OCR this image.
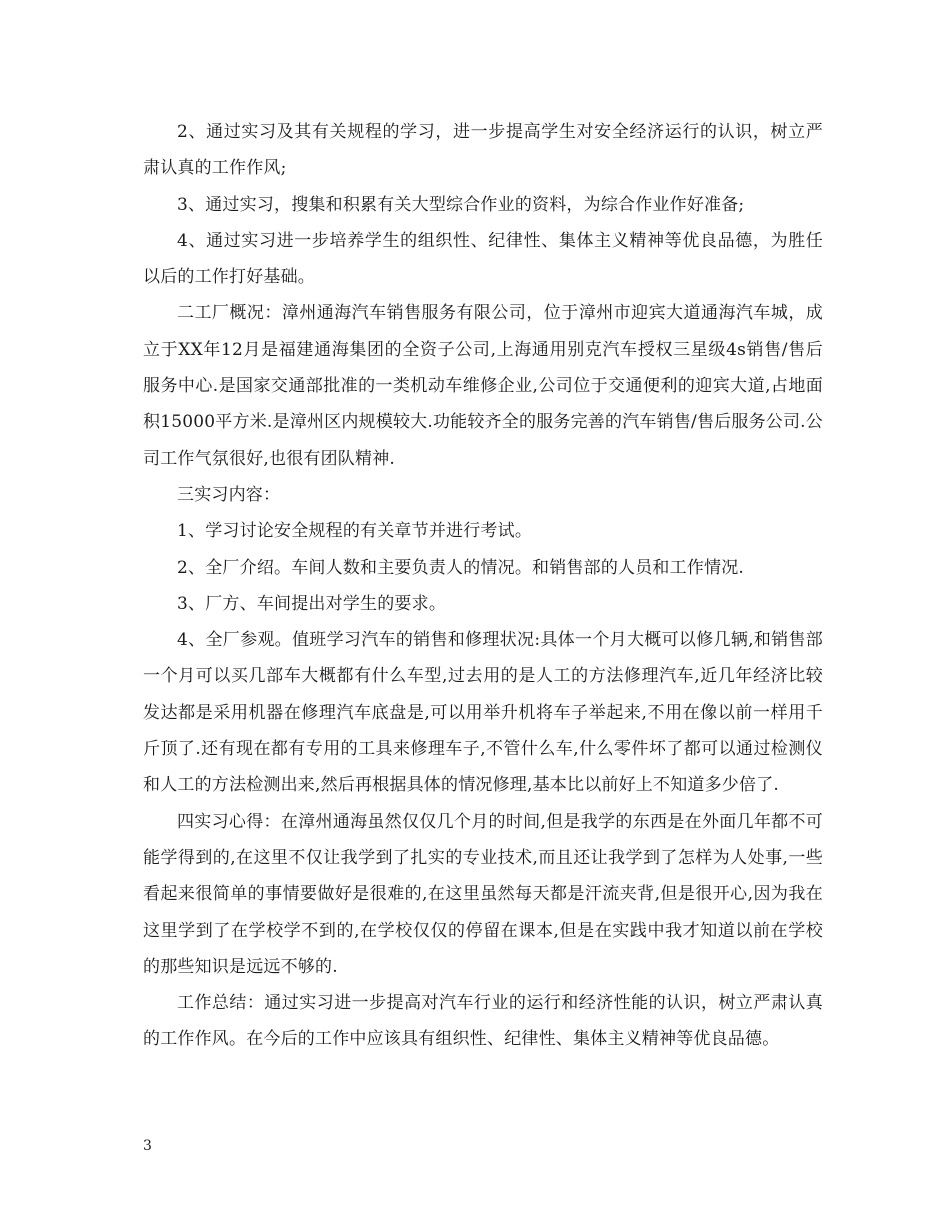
2、通过实习及其有关规程的学习，进一步提高学生对安全经济运行的认识，树立严肃认真的工作作风;

3、通过实习，搜集和积累有关大型综合作业的资料，为综合作业作好准备;

4、通过实习进一步培养学生的组织性、纪律性、集体主义精神等优良品德，为胜任以后的工作打好基础。

二工厂概况：漳州通海汽车销售服务有限公司，位于漳州市迎宾大道通海汽车城，成立于XX年12月是福建通海集团的全资子公司,上海通用别克汽车授权三星级4s销售/售后服务中心.是国家交通部批准的一类机动车维修企业,公司位于交通便利的迎宾大道,占地面积15000平方米.是漳州区内规模较大.功能较齐全的服务完善的汽车销售/售后服务公司.公司工作气氛很好,也很有团队精神.

三实习内容：

1、学习讨论安全规程的有关章节并进行考试。

2、全厂介绍。车间人数和主要负责人的情况。和销售部的人员和工作情况.

3、厂方、车间提出对学生的要求。

4、全厂参观。值班学习汽车的销售和修理状况:具体一个月大概可以修几辆,和销售部一个月可以买几部车大概都有什么车型,过去用的是人工的方法修理汽车,近几年经济比较发达都是采用机器在修理汽车底盘是,可以用举升机将车子举起来,不用在像以前一样用千斤顶了.还有现在都有专用的工具来修理车子,不管什么车,什么零件坏了都可以通过检测仪和人工的方法检测出来,然后再根据具体的情况修理,基本比以前好上不知道多少倍了.

四实习心得：在漳州通海虽然仅仅几个月的时间,但是我学的东西是在外面几年都不可能学得到的,在这里不仅让我学到了扎实的专业技术,而且还让我学到了怎样为人处事,一些看起来很简单的事情要做好是很难的,在这里虽然每天都是汗流夹背,但是很开心,因为我在这里学到了在学校学不到的,在学校仅仅的停留在课本,但是在实践中我才知道以前在学校的那些知识是远远不够的.

工作总结：通过实习进一步提高对汽车行业的运行和经济性能的认识，树立严肃认真的工作作风。在今后的工作中应该具有组织性、纪律性、集体主义精神等优良品德。

3
